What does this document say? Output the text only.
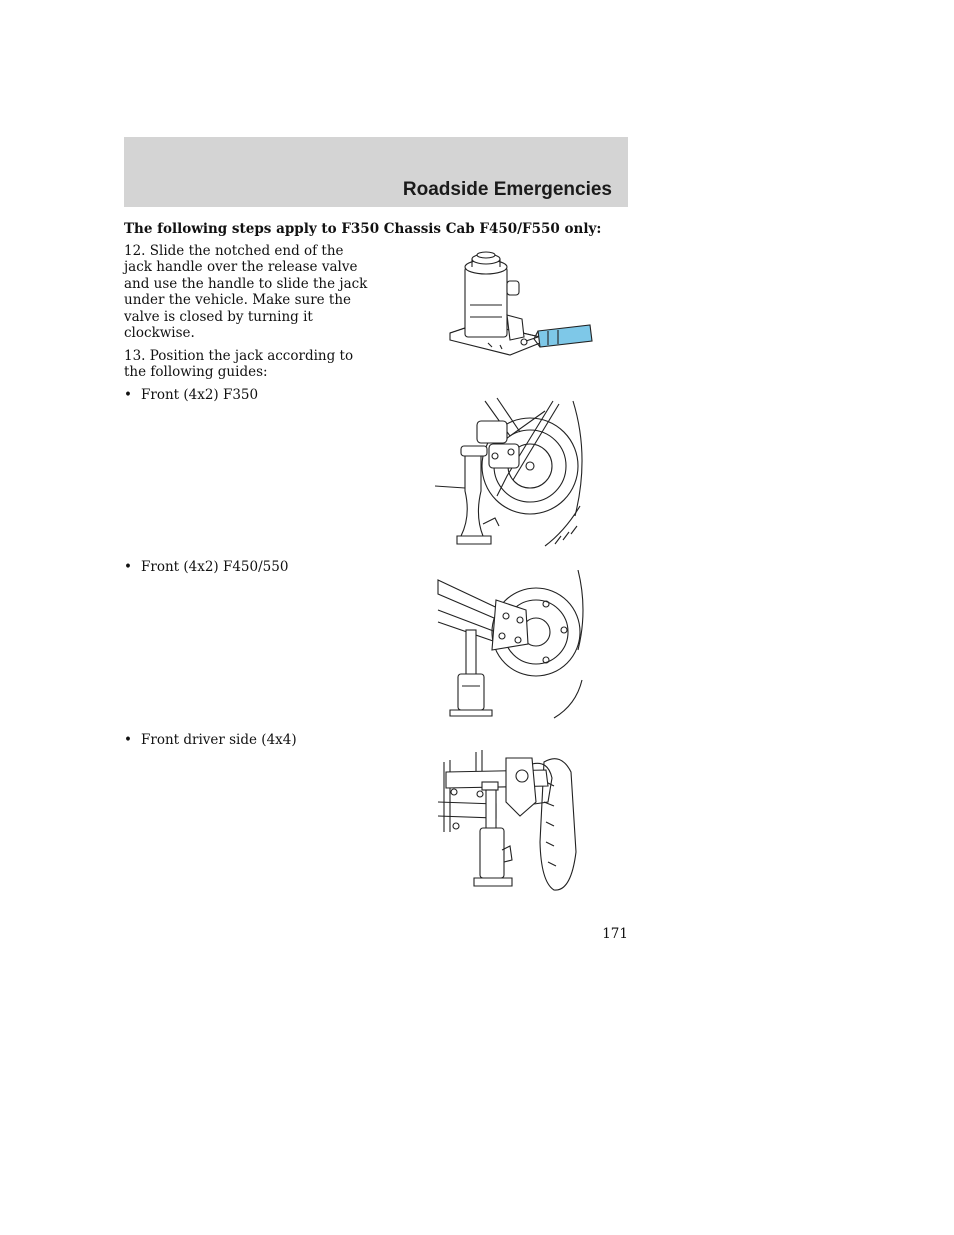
Roadside Emergencies
The following steps apply to F350 Chassis Cab F450/F550 only:
12. Slide the notched end of the jack handle over the release valve and use the handle to slide the jack under the vehicle. Make sure the valve is closed by turning it clockwise.
13. Position the jack according to the following guides:
• Front (4x2) F350
• Front (4x2) F450/550
• Front driver side (4x4)
171
